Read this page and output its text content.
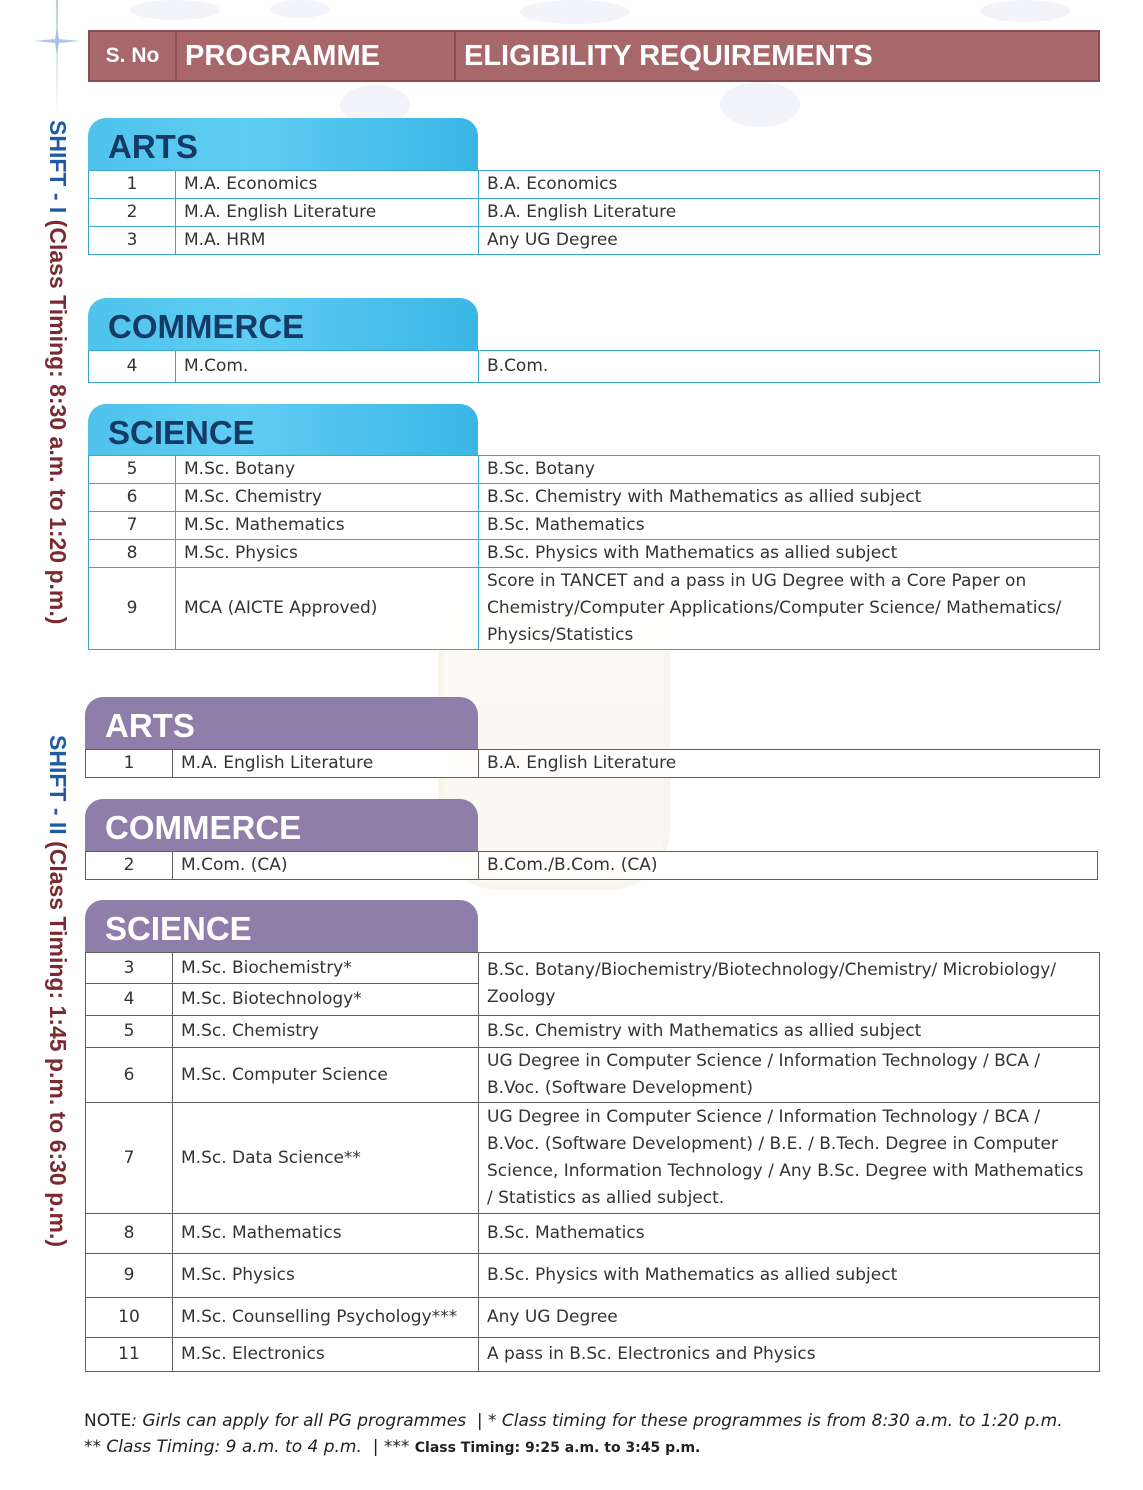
S. No PROGRAMME	ELIGIBILITY REQUIREMENTS
SHIFT - I (Class Timing: 8:30 a.m. to 1:20 p.m.)
SHIFT - II (Class Timing: 1:45 p.m. to 6:30 p.m.)
ARTS
1	M.A. Economics	B.A. Economics
2	M.A. English Literature	B.A. English Literature
3	M.A. HRM	Any UG Degree
COMMERCE
4	M.Com.	B.Com.
SCIENCE
5	M.Sc. Botany	B.Sc. Botany
6	M.Sc. Chemistry	B.Sc. Chemistry with Mathematics as allied subject
7	M.Sc. Mathematics	B.Sc. Mathematics
8	M.Sc. Physics	B.Sc. Physics with Mathematics as allied subject
9	MCA (AICTE Approved)	Score in TANCET and a pass in UG Degree with a Core Paper on Chemistry/Computer Applications/Computer Science/ Mathematics/ Physics/Statistics
ARTS
1	M.A. English Literature	B.A. English Literature
COMMERCE
2	M.Com. (CA)	B.Com./B.Com. (CA)
SCIENCE
3	M.Sc. Biochemistry*	B.Sc. Botany/Biochemistry/Biotechnology/Chemistry/ Microbiology/ Zoology
4	M.Sc. Biotechnology*	
5	M.Sc. Chemistry	B.Sc. Chemistry with Mathematics as allied subject
6	M.Sc. Computer Science	UG Degree in Computer Science / Information Technology / BCA / B.Voc. (Software Development)
7	M.Sc. Data Science**	UG Degree in Computer Science / Information Technology / BCA / B.Voc. (Software Development) / B.E. / B.Tech. Degree in Computer Science, Information Technology / Any B.Sc. Degree with Mathematics / Statistics as allied subject.
8	M.Sc. Mathematics	B.Sc. Mathematics
9	M.Sc. Physics	B.Sc. Physics with Mathematics as allied subject
10	M.Sc. Counselling Psychology***	Any UG Degree
11	M.Sc. Electronics	A pass in B.Sc. Electronics and Physics
NOTE: Girls can apply for all PG programmes | * Class timing for these programmes is from 8:30 a.m. to 1:20 p.m.
** Class Timing: 9 a.m. to 4 p.m. | *** Class Timing: 9:25 a.m. to 3:45 p.m.
